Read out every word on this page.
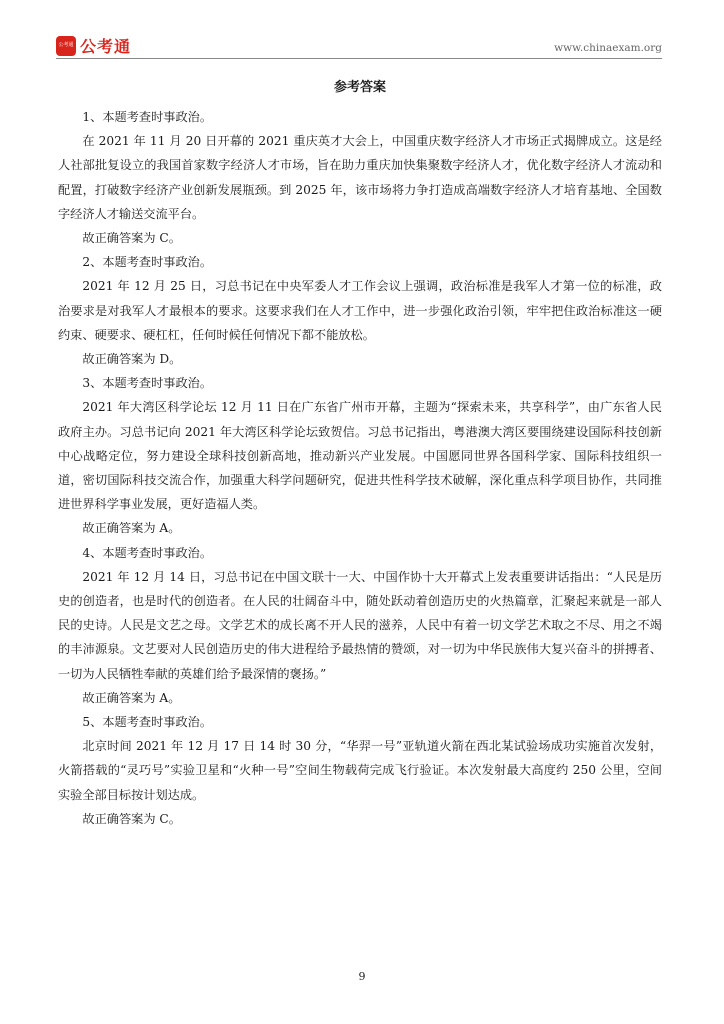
公考通 公考通	www.chinaexam.org
参考答案

1、本题考查时事政治。

在 2021 年 11 月 20 日开幕的 2021 重庆英才大会上，中国重庆数字经济人才市场正式揭牌成立。这是经人社部批复设立的我国首家数字经济人才市场，旨在助力重庆加快集聚数字经济人才，优化数字经济人才流动和配置，打破数字经济产业创新发展瓶颈。到 2025 年，该市场将力争打造成高端数字经济人才培育基地、全国数字经济人才输送交流平台。

故正确答案为 C。

2、本题考查时事政治。

2021 年 12 月 25 日，习总书记在中央军委人才工作会议上强调，政治标准是我军人才第一位的标准，政治要求是对我军人才最根本的要求。这要求我们在人才工作中，进一步强化政治引领，牢牢把住政治标准这一硬约束、硬要求、硬杠杠，任何时候任何情况下都不能放松。

故正确答案为 D。

3、本题考查时事政治。

2021 年大湾区科学论坛 12 月 11 日在广东省广州市开幕，主题为“探索未来，共享科学”，由广东省人民政府主办。习总书记向 2021 年大湾区科学论坛致贺信。习总书记指出，粤港澳大湾区要围绕建设国际科技创新中心战略定位，努力建设全球科技创新高地，推动新兴产业发展。中国愿同世界各国科学家、国际科技组织一道，密切国际科技交流合作，加强重大科学问题研究，促进共性科学技术破解，深化重点科学项目协作，共同推进世界科学事业发展，更好造福人类。

故正确答案为 A。

4、本题考查时事政治。

2021 年 12 月 14 日，习总书记在中国文联十一大、中国作协十大开幕式上发表重要讲话指出：“人民是历史的创造者，也是时代的创造者。在人民的壮阔奋斗中，随处跃动着创造历史的火热篇章，汇聚起来就是一部人民的史诗。人民是文艺之母。文学艺术的成长离不开人民的滋养，人民中有着一切文学艺术取之不尽、用之不竭的丰沛源泉。文艺要对人民创造历史的伟大进程给予最热情的赞颂，对一切为中华民族伟大复兴奋斗的拼搏者、一切为人民牺牲奉献的英雄们给予最深情的褒扬。”

故正确答案为 A。

5、本题考查时事政治。

北京时间 2021 年 12 月 17 日 14 时 30 分，“华羿一号”亚轨道火箭在西北某试验场成功实施首次发射，火箭搭载的“灵巧号”实验卫星和“火种一号”空间生物载荷完成飞行验证。本次发射最大高度约 250 公里，空间实验全部目标按计划达成。

故正确答案为 C。

9
